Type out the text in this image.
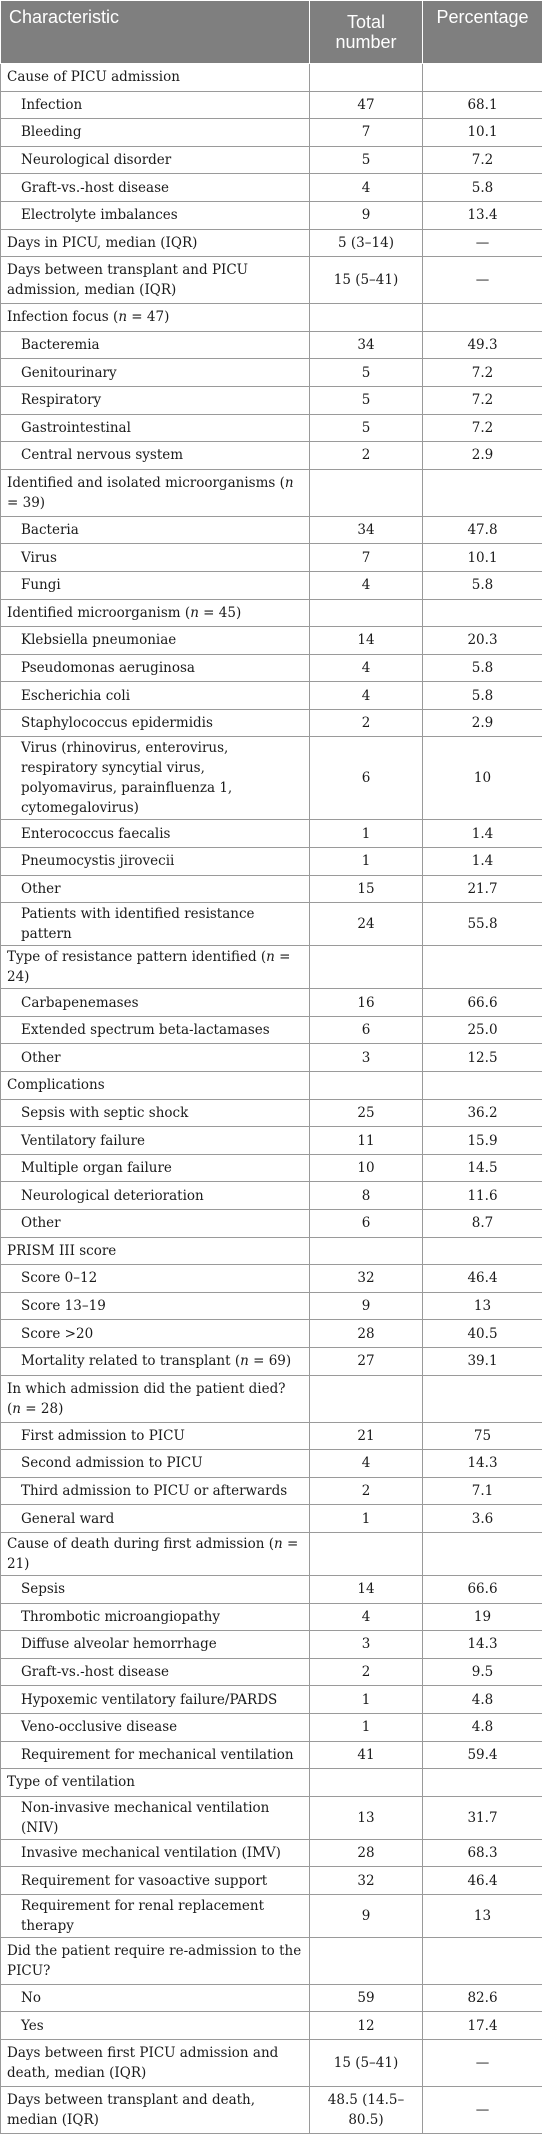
Characteristic	Total number	Percentage
Cause of PICU admission		
Infection	47	68.1
Bleeding	7	10.1
Neurological disorder	5	7.2
Graft-vs.-host disease	4	5.8
Electrolyte imbalances	9	13.4
Days in PICU, median (IQR)	5 (3–14)	—
Days between transplant and PICU admission, median (IQR)	15 (5–41)	—
Infection focus (n = 47)		
Bacteremia	34	49.3
Genitourinary	5	7.2
Respiratory	5	7.2
Gastrointestinal	5	7.2
Central nervous system	2	2.9
Identified and isolated microorganisms (n = 39)		
Bacteria	34	47.8
Virus	7	10.1
Fungi	4	5.8
Identified microorganism (n = 45)		
Klebsiella pneumoniae	14	20.3
Pseudomonas aeruginosa	4	5.8
Escherichia coli	4	5.8
Staphylococcus epidermidis	2	2.9
Virus (rhinovirus, enterovirus, respiratory syncytial virus, polyomavirus, parainfluenza 1, cytomegalovirus)	6	10
Enterococcus faecalis	1	1.4
Pneumocystis jirovecii	1	1.4
Other	15	21.7
Patients with identified resistance pattern	24	55.8
Type of resistance pattern identified (n = 24)		
Carbapenemases	16	66.6
Extended spectrum beta-lactamases	6	25.0
Other	3	12.5
Complications		
Sepsis with septic shock	25	36.2
Ventilatory failure	11	15.9
Multiple organ failure	10	14.5
Neurological deterioration	8	11.6
Other	6	8.7
PRISM III score		
Score 0–12	32	46.4
Score 13–19	9	13
Score >20	28	40.5
Mortality related to transplant (n = 69)	27	39.1
In which admission did the patient died? (n = 28)		
First admission to PICU	21	75
Second admission to PICU	4	14.3
Third admission to PICU or afterwards	2	7.1
General ward	1	3.6
Cause of death during first admission (n = 21)		
Sepsis	14	66.6
Thrombotic microangiopathy	4	19
Diffuse alveolar hemorrhage	3	14.3
Graft-vs.-host disease	2	9.5
Hypoxemic ventilatory failure/PARDS	1	4.8
Veno-occlusive disease	1	4.8
Requirement for mechanical ventilation	41	59.4
Type of ventilation		
Non-invasive mechanical ventilation (NIV)	13	31.7
Invasive mechanical ventilation (IMV)	28	68.3
Requirement for vasoactive support	32	46.4
Requirement for renal replacement therapy	9	13
Did the patient require re-admission to the PICU?		
No	59	82.6
Yes	12	17.4
Days between first PICU admission and death, median (IQR)	15 (5–41)	—
Days between transplant and death, median (IQR)	48.5 (14.5–80.5)	—
